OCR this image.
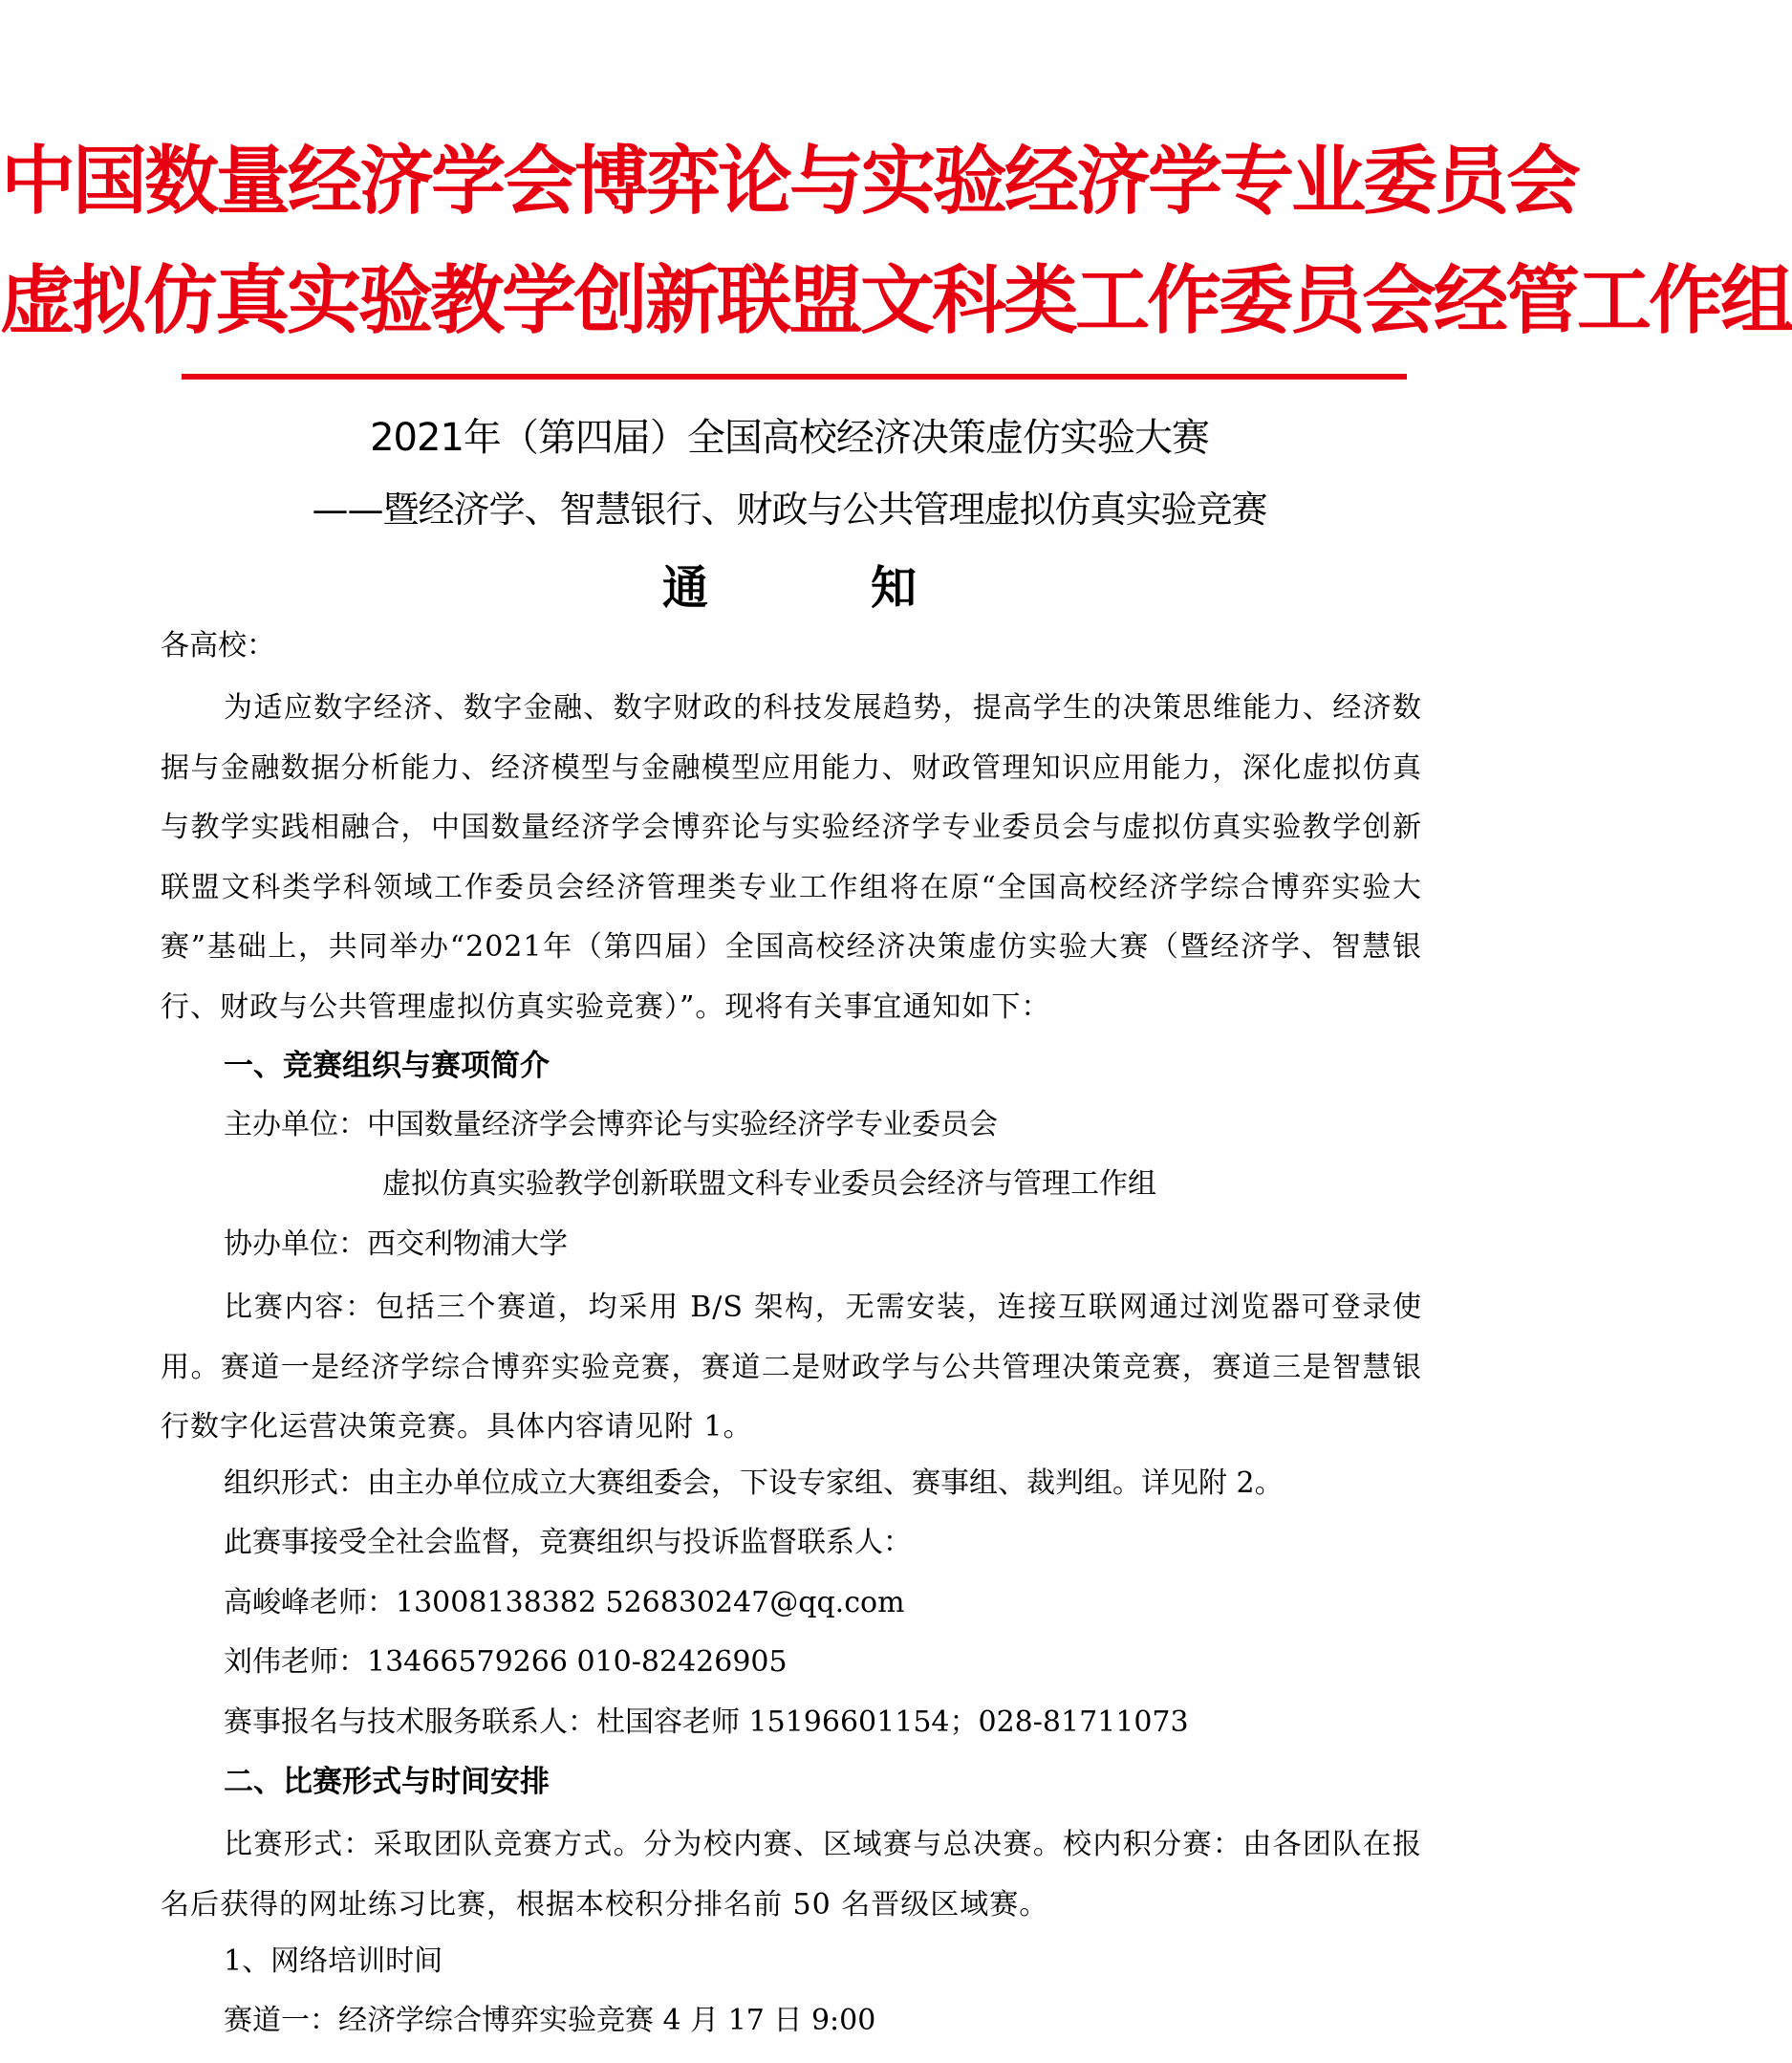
中国数量经济学会博弈论与实验经济学专业委员会
虚拟仿真实验教学创新联盟文科类工作委员会经管工作组
2021年（第四届）全国高校经济决策虚仿实验大赛
——暨经济学、智慧银行、财政与公共管理虚拟仿真实验竞赛
通	知
各高校：
为适应数字经济、数字金融、数字财政的科技发展趋势，提高学生的决策思维能力、经济数据与金融数据分析能力、经济模型与金融模型应用能力、财政管理知识应用能力，深化虚拟仿真与教学实践相融合，中国数量经济学会博弈论与实验经济学专业委员会与虚拟仿真实验教学创新联盟文科类学科领域工作委员会经济管理类专业工作组将在原“全国高校经济学综合博弈实验大赛”基础上，共同举办“2021年（第四届）全国高校经济决策虚仿实验大赛（暨经济学、智慧银行、财政与公共管理虚拟仿真实验竞赛）”。现将有关事宜通知如下：
一、竞赛组织与赛项简介
主办单位：中国数量经济学会博弈论与实验经济学专业委员会
虚拟仿真实验教学创新联盟文科专业委员会经济与管理工作组
协办单位：西交利物浦大学
比赛内容：包括三个赛道，均采用 B/S 架构，无需安装，连接互联网通过浏览器可登录使用。赛道一是经济学综合博弈实验竞赛，赛道二是财政学与公共管理决策竞赛，赛道三是智慧银行数字化运营决策竞赛。具体内容请见附 1。
组织形式：由主办单位成立大赛组委会，下设专家组、赛事组、裁判组。详见附 2。
此赛事接受全社会监督，竞赛组织与投诉监督联系人：
高峻峰老师：13008138382 526830247@qq.com
刘伟老师：13466579266 010-82426905
赛事报名与技术服务联系人：杜国容老师 15196601154；028-81711073
二、比赛形式与时间安排
比赛形式：采取团队竞赛方式。分为校内赛、区域赛与总决赛。校内积分赛：由各团队在报名后获得的网址练习比赛，根据本校积分排名前 50 名晋级区域赛。
1、网络培训时间
赛道一：经济学综合博弈实验竞赛 4 月 17 日 9:00
